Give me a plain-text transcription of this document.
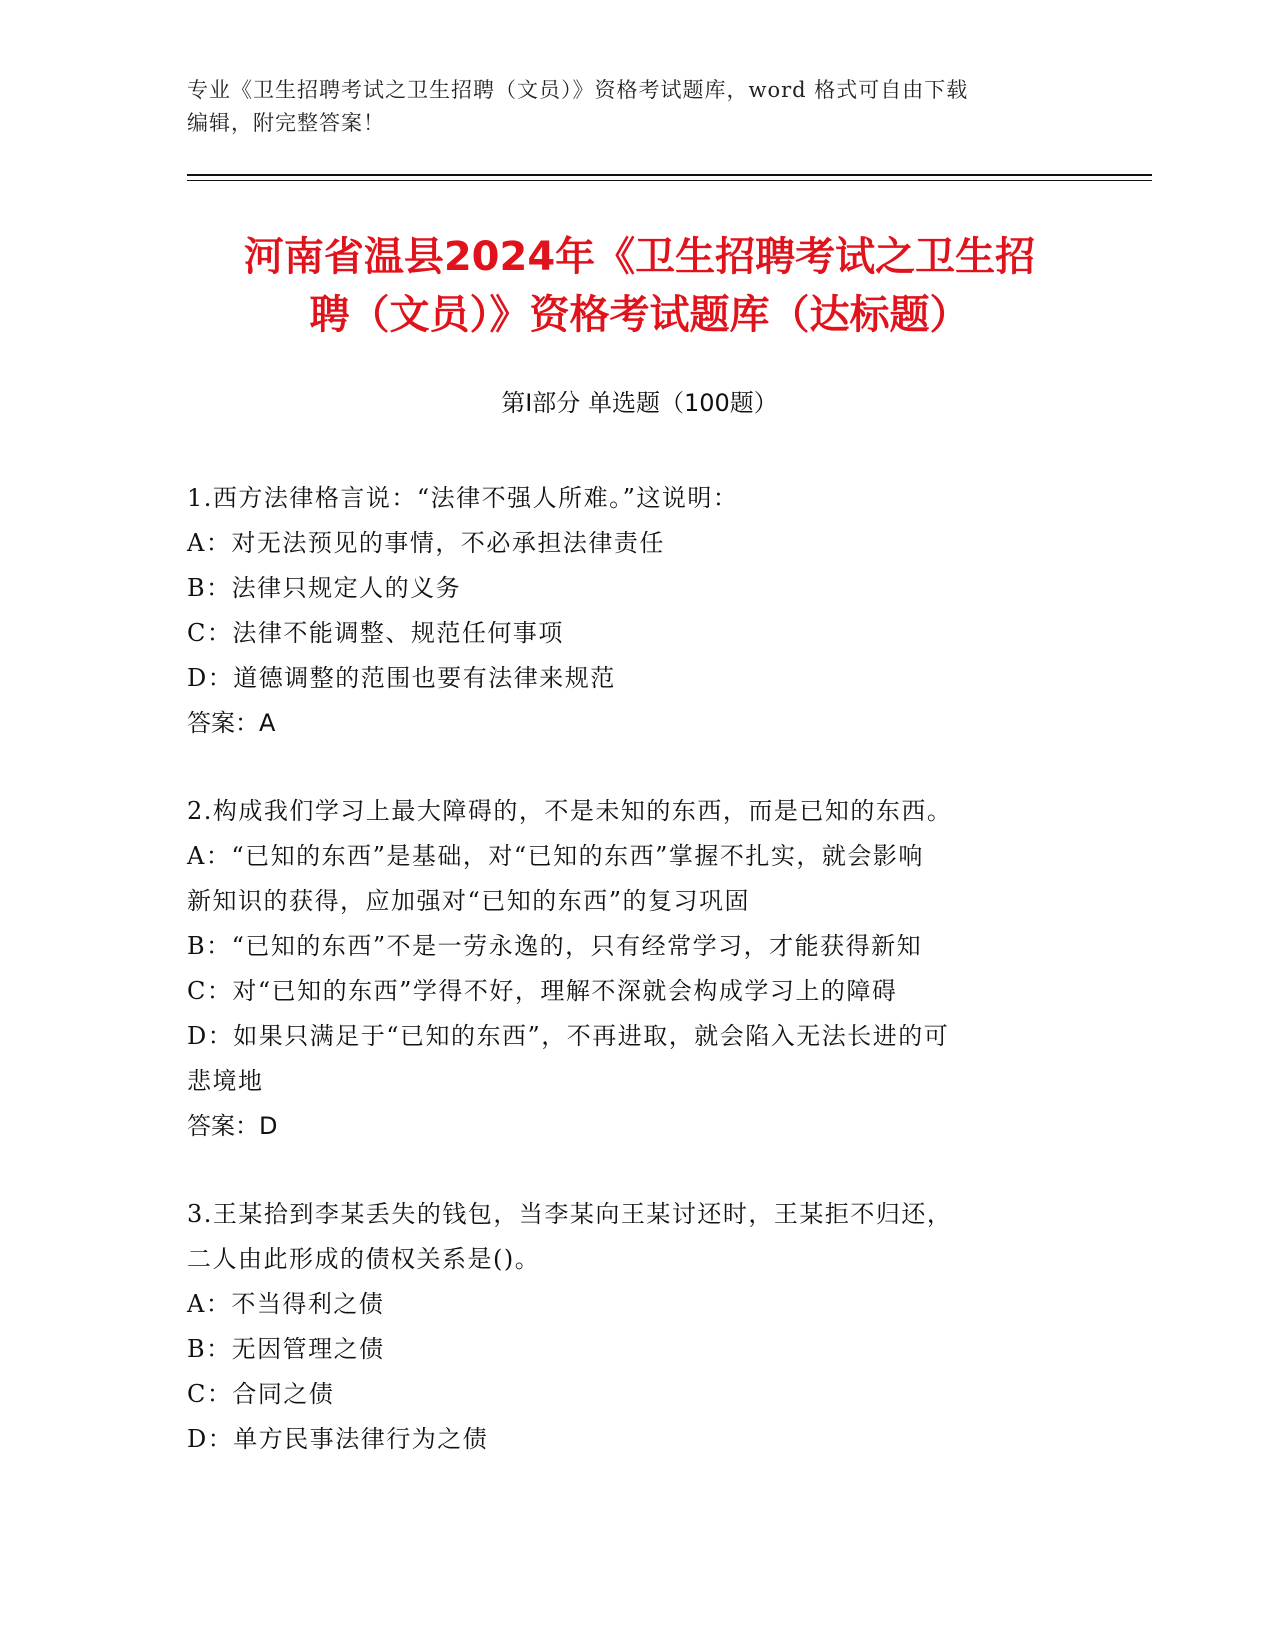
专业《卫生招聘考试之卫生招聘（文员）》资格考试题库，word 格式可自由下载
编辑，附完整答案！
河南省温县2024年《卫生招聘考试之卫生招
聘（文员）》资格考试题库（达标题）
第Ⅰ部分 单选题（100题）
1.西方法律格言说：“法律不强人所难。”这说明：
A：对无法预见的事情，不必承担法律责任
B：法律只规定人的义务
C：法律不能调整、规范任何事项
D：道德调整的范围也要有法律来规范
答案：A
2.构成我们学习上最大障碍的，不是未知的东西，而是已知的东西。
A：“已知的东西”是基础，对“已知的东西”掌握不扎实，就会影响
新知识的获得，应加强对“已知的东西”的复习巩固
B：“已知的东西”不是一劳永逸的，只有经常学习，才能获得新知
C：对“已知的东西”学得不好，理解不深就会构成学习上的障碍
D：如果只满足于“已知的东西”，不再进取，就会陷入无法长进的可
悲境地
答案：D
3.王某拾到李某丢失的钱包，当李某向王某讨还时，王某拒不归还，
二人由此形成的债权关系是()。
A：不当得利之债
B：无因管理之债
C：合同之债
D：单方民事法律行为之债
